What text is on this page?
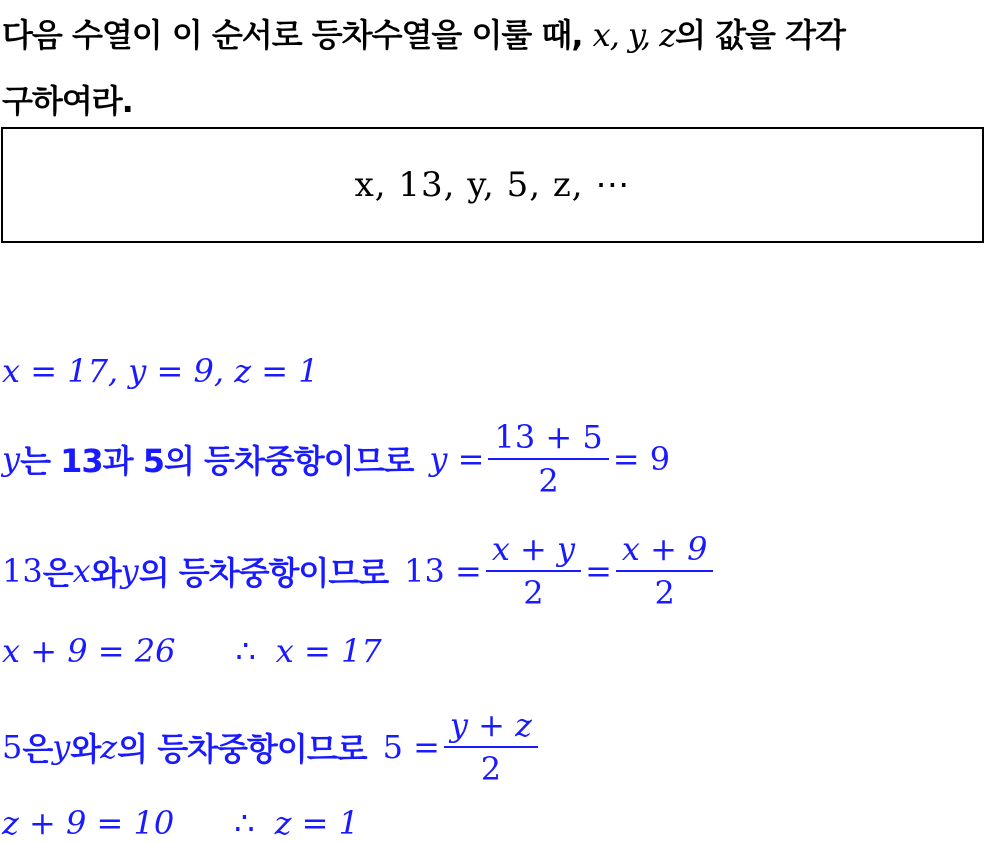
다음 수열이 이 순서로 등차수열을 이룰 때, x, y, z의 값을 각각
구하여라.
x, 13, y, 5, z, ⋯
x = 17, y = 9, z = 1
y 는 13과 5의 등차중항이므로 $y = \frac{13 + 5}{2} = 9$
13 은 x 와 y 의 등차중항이므로 $13 = \frac{x + y}{2} = \frac{x + 9}{2}$
x + 9 = 26 ∴ x = 17
5 은 y 와 z 의 등차중항이므로 $5 = \frac{y + z}{2}$
z + 9 = 10 ∴ z = 1
